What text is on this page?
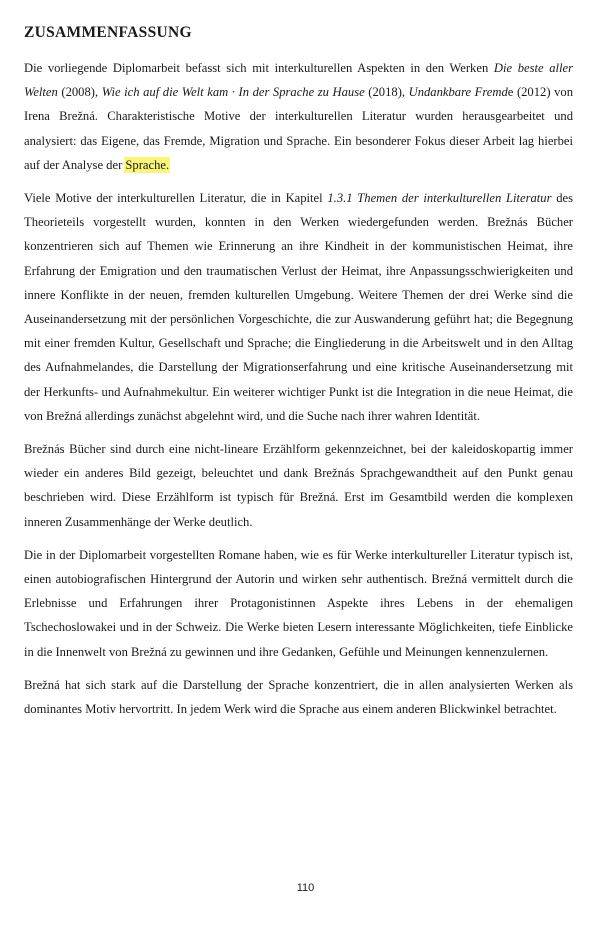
ZUSAMMENFASSUNG

Die vorliegende Diplomarbeit befasst sich mit interkulturellen Aspekten in den Werken Die beste aller Welten (2008), Wie ich auf die Welt kam · In der Sprache zu Hause (2018), Undankbare Fremde (2012) von Irena Brežná. Charakteristische Motive der interkulturellen Literatur wurden herausgearbeitet und analysiert: das Eigene, das Fremde, Migration und Sprache. Ein besonderer Fokus dieser Arbeit lag hierbei auf der Analyse der Sprache.

Viele Motive der interkulturellen Literatur, die in Kapitel 1.3.1 Themen der interkulturellen Literatur des Theorieteils vorgestellt wurden, konnten in den Werken wiedergefunden werden. Brežnás Bücher konzentrieren sich auf Themen wie Erinnerung an ihre Kindheit in der kommunistischen Heimat, ihre Erfahrung der Emigration und den traumatischen Verlust der Heimat, ihre Anpassungsschwierigkeiten und innere Konflikte in der neuen, fremden kulturellen Umgebung. Weitere Themen der drei Werke sind die Auseinandersetzung mit der persönlichen Vorgeschichte, die zur Auswanderung geführt hat; die Begegnung mit einer fremden Kultur, Gesellschaft und Sprache; die Eingliederung in die Arbeitswelt und in den Alltag des Aufnahmelandes, die Darstellung der Migrationserfahrung und eine kritische Auseinandersetzung mit der Herkunfts- und Aufnahmekultur. Ein weiterer wichtiger Punkt ist die Integration in die neue Heimat, die von Brežná allerdings zunächst abgelehnt wird, und die Suche nach ihrer wahren Identität.

Brežnás Bücher sind durch eine nicht-lineare Erzählform gekennzeichnet, bei der kaleidoskopartig immer wieder ein anderes Bild gezeigt, beleuchtet und dank Brežnás Sprachgewandtheit auf den Punkt genau beschrieben wird. Diese Erzählform ist typisch für Brežná. Erst im Gesamtbild werden die komplexen inneren Zusammenhänge der Werke deutlich.

Die in der Diplomarbeit vorgestellten Romane haben, wie es für Werke interkultureller Literatur typisch ist, einen autobiografischen Hintergrund der Autorin und wirken sehr authentisch. Brežná vermittelt durch die Erlebnisse und Erfahrungen ihrer Protagonistinnen Aspekte ihres Lebens in der ehemaligen Tschechoslowakei und in der Schweiz. Die Werke bieten Lesern interessante Möglichkeiten, tiefe Einblicke in die Innenwelt von Brežná zu gewinnen und ihre Gedanken, Gefühle und Meinungen kennenzulernen.

Brežná hat sich stark auf die Darstellung der Sprache konzentriert, die in allen analysierten Werken als dominantes Motiv hervortritt. In jedem Werk wird die Sprache aus einem anderen Blickwinkel betrachtet.

110
